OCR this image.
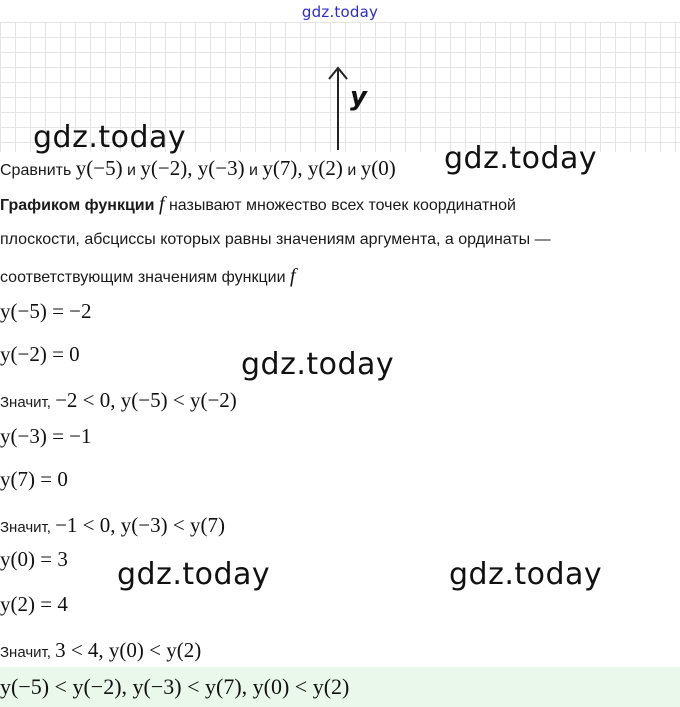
gdz.today
y
gdz.today
gdz.today
gdz.today
gdz.today	gdz.today
Сравнить y(−5) и y(−2), y(−3) и y(7), y(2) и y(0)
Графиком функции f называют множество всех точек координатной
плоскости, абсциссы которых равны значениям аргумента, а ординаты —
соответствующим значениям функции f
y(−5) = −2
y(−2) = 0
Значит, −2 < 0, y(−5) < y(−2)
y(−3) = −1
y(7) = 0
Значит, −1 < 0, y(−3) < y(7)
y(0) = 3
y(2) = 4
Значит, 3 < 4, y(0) < y(2)
y(−5) < y(−2), y(−3) < y(7), y(0) < y(2)
